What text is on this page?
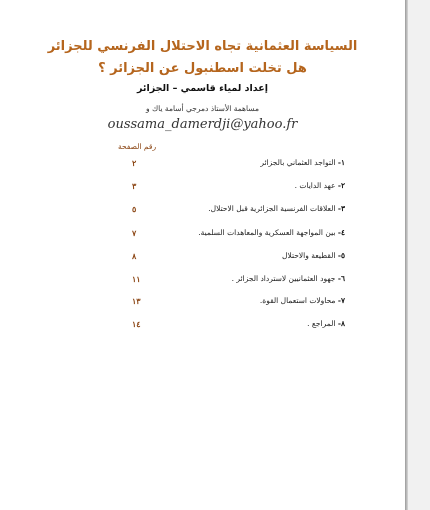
السياسة العثمانية تجاه الاحتلال الفرنسي للجزائر
هل تخلت اسطنبول عن الجزائر ؟
إعداد لمياء قاسمي – الجزائر
مساهمة الأستاذ دمرجي أسامة ياك و
oussama_damerdji@yahoo.fr
رقم الصفحة
٢	١- التواجد العثماني بالجزائر
٣	٢- عهد الدايات .
٥	٣- العلاقات الفرنسية الجزائرية قبل الاحتلال.
٧	٤- بين المواجهة العسكرية والمعاهدات السلمية.
٨	٥- القطيعة والاحتلال
١١	٦- جهود العثمانيين لاسترداد الجزائر .
١٣	٧- محاولات استعمال القوة.
١٤	٨- المراجع .
